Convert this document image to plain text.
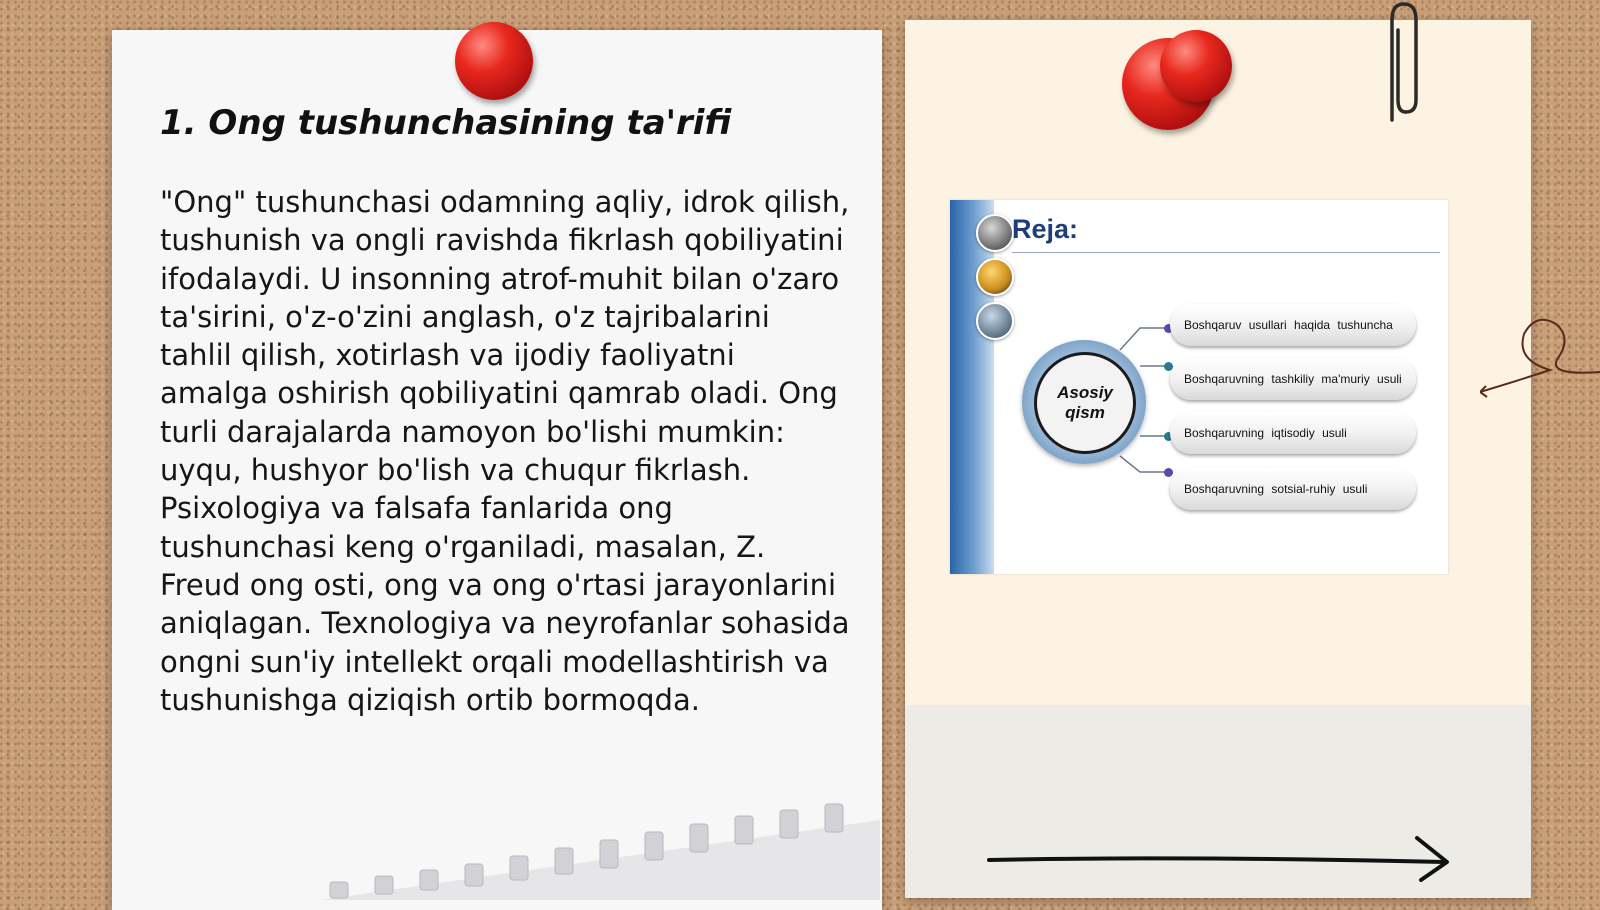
1. Ong tushunchasining ta'rifi

"Ong" tushunchasi odamning aqliy, idrok qilish, tushunish va ongli ravishda fikrlash qobiliyatini ifodalaydi. U insonning atrof-muhit bilan o'zaro ta'sirini, o'z-o'zini anglash, o'z tajribalarini tahlil qilish, xotirlash va ijodiy faoliyatni amalga oshirish qobiliyatini qamrab oladi. Ong turli darajalarda namoyon bo'lishi mumkin: uyqu, hushyor bo'lish va chuqur fikrlash. Psixologiya va falsafa fanlarida ong tushunchasi keng o'rganiladi, masalan, Z. Freud ong osti, ong va ong o'rtasi jarayonlarini aniqlagan. Texnologiya va neyrofanlar sohasida ongni sun'iy intellekt orqali modellashtirish va tushunishga qiziqish ortib bormoqda.

Reja:
Asosiy
qism
Boshqaruv usullari haqida tushuncha
Boshqaruvning tashkiliy ma'muriy usuli
Boshqaruvning iqtisodiy usuli
Boshqaruvning sotsial-ruhiy usuli
